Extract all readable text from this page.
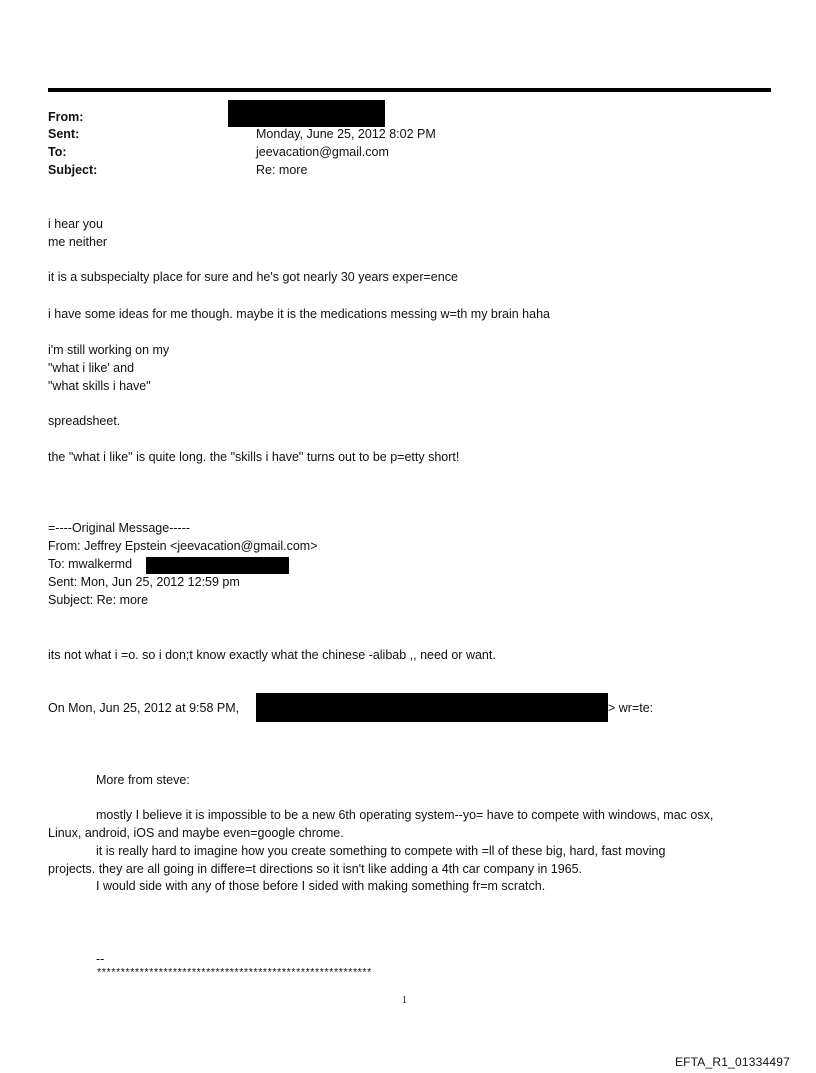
From:
Sent:	Monday, June 25, 2012 8:02 PM
To:	jeevacation@gmail.com
Subject:	Re: more
i hear you
me neither
it is a subspecialty place for sure and he's got nearly 30 years exper=ence
i have some ideas for me though. maybe it is the medications messing w=th my brain haha
i'm still working on my
"what i like' and
"what skills i have"
spreadsheet.
the "what i like" is quite long. the "skills i have" turns out to be p=etty short!
=----Original Message-----
From: Jeffrey Epstein <jeevacation@gmail.com>
To: mwalkermd
Sent: Mon, Jun 25, 2012 12:59 pm
Subject: Re: more
its not what i =o. so i don;t know exactly what the chinese -alibab ,, need or want.
On Mon, Jun 25, 2012 at 9:58 PM,	> wr=te:
More from steve:
mostly I believe it is impossible to be a new 6th operating system--yo= have to compete with windows, mac osx,
Linux, android, iOS and maybe even=google chrome.
it is really hard to imagine how you create something to compete with =ll of these big, hard, fast moving
projects. they are all going in differe=t directions so it isn't like adding a 4th car company in 1965.
I would side with any of those before I sided with making something fr=m scratch.
--
**********************************************************
1
EFTA_R1_01334497
